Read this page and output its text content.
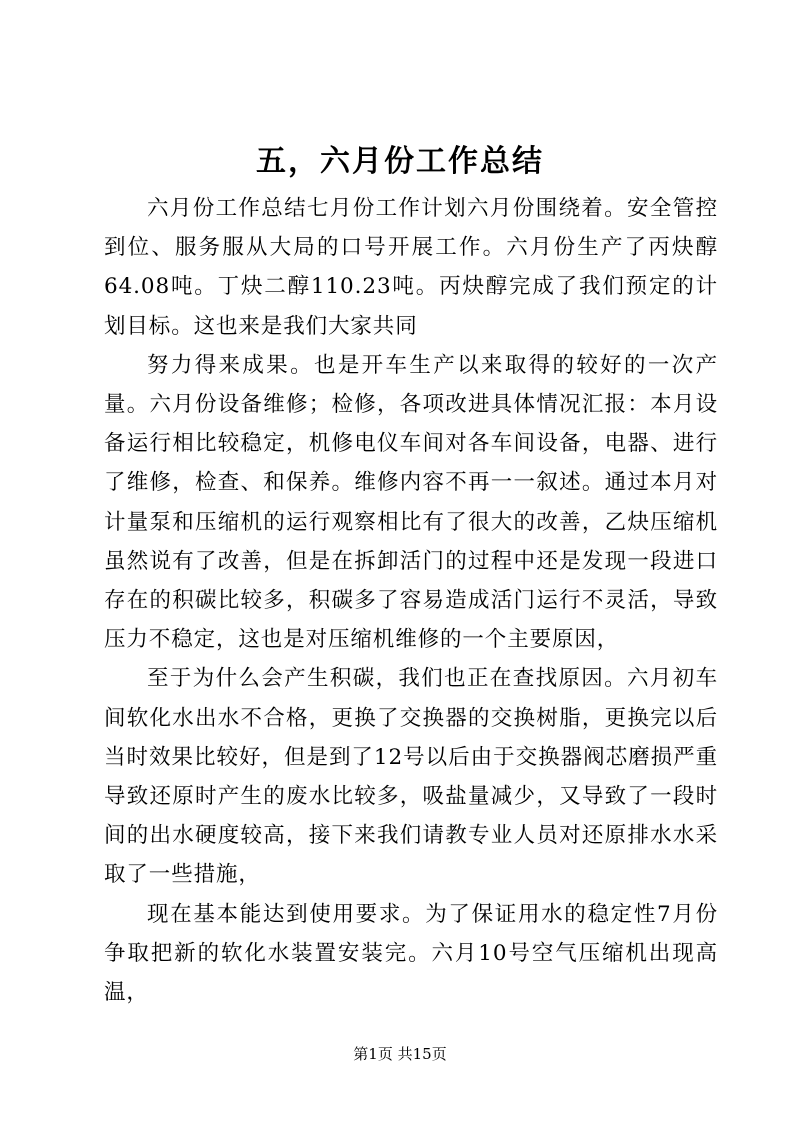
五，六月份工作总结

六月份工作总结七月份工作计划六月份围绕着。安全管控到位、服务服从大局的口号开展工作。六月份生产了丙炔醇64.08吨。丁炔二醇110.23吨。丙炔醇完成了我们预定的计划目标。这也来是我们大家共同

努力得来成果。也是开车生产以来取得的较好的一次产量。六月份设备维修；检修，各项改进具体情况汇报：本月设备运行相比较稳定，机修电仪车间对各车间设备，电器、进行了维修，检查、和保养。维修内容不再一一叙述。通过本月对计量泵和压缩机的运行观察相比有了很大的改善，乙炔压缩机虽然说有了改善，但是在拆卸活门的过程中还是发现一段进口存在的积碳比较多，积碳多了容易造成活门运行不灵活，导致压力不稳定，这也是对压缩机维修的一个主要原因，

至于为什么会产生积碳，我们也正在查找原因。六月初车间软化水出水不合格，更换了交换器的交换树脂，更换完以后当时效果比较好，但是到了12号以后由于交换器阀芯磨损严重导致还原时产生的废水比较多，吸盐量减少，又导致了一段时间的出水硬度较高，接下来我们请教专业人员对还原排水水采取了一些措施，

现在基本能达到使用要求。为了保证用水的稳定性7月份争取把新的软化水装置安装完。六月10号空气压缩机出现高温，

第1页 共15页
